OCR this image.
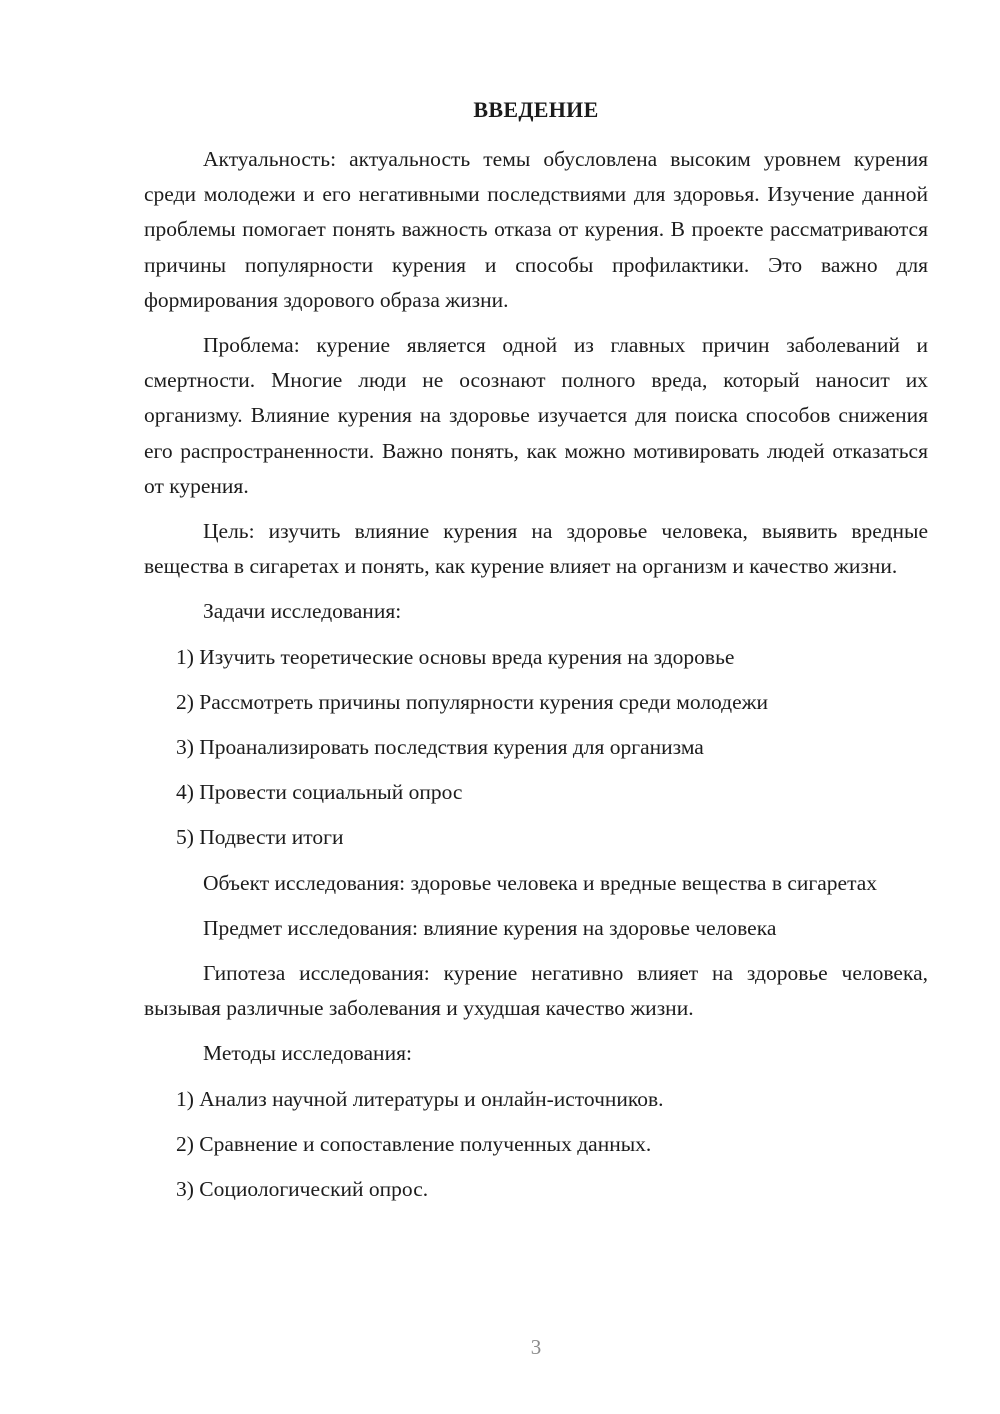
ВВЕДЕНИЕ

Актуальность: актуальность темы обусловлена высоким уровнем курения среди молодежи и его негативными последствиями для здоровья. Изучение данной проблемы помогает понять важность отказа от курения. В проекте рассматриваются причины популярности курения и способы профилактики. Это важно для формирования здорового образа жизни.

Проблема: курение является одной из главных причин заболеваний и смертности. Многие люди не осознают полного вреда, который наносит их организму. Влияние курения на здоровье изучается для поиска способов снижения его распространенности. Важно понять, как можно мотивировать людей отказаться от курения.

Цель: изучить влияние курения на здоровье человека, выявить вредные вещества в сигаретах и понять, как курение влияет на организм и качество жизни.

Задачи исследования:

1) Изучить теоретические основы вреда курения на здоровье

2) Рассмотреть причины популярности курения среди молодежи

3) Проанализировать последствия курения для организма

4) Провести социальный опрос

5) Подвести итоги

Объект исследования: здоровье человека и вредные вещества в сигаретах

Предмет исследования: влияние курения на здоровье человека

Гипотеза исследования: курение негативно влияет на здоровье человека, вызывая различные заболевания и ухудшая качество жизни.

Методы исследования:

1) Анализ научной литературы и онлайн-источников.

2) Сравнение и сопоставление полученных данных.

3) Социологический опрос.

3
